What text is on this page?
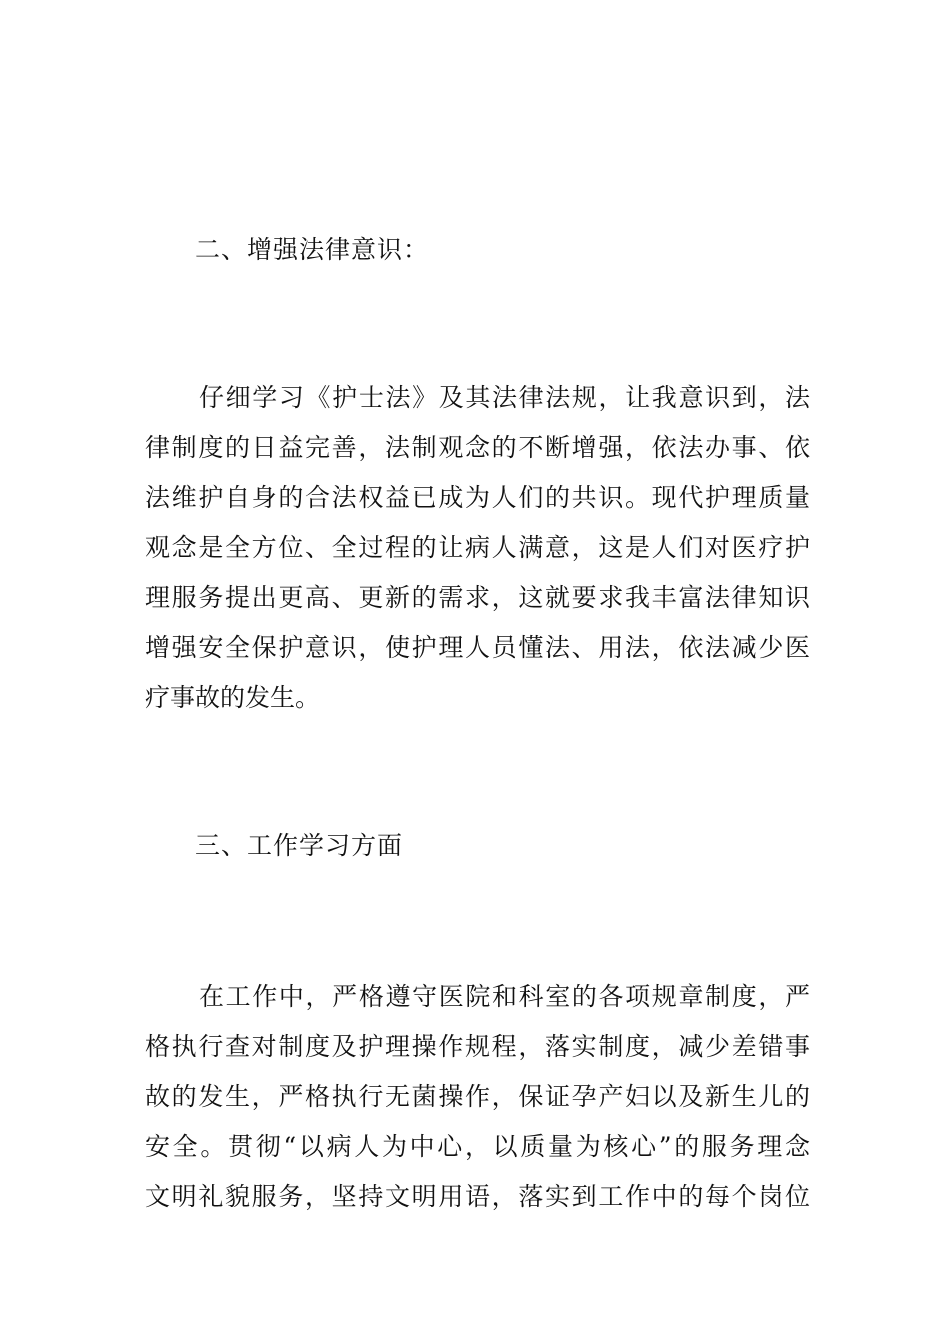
二、增强法律意识：
仔细学习《护士法》及其法律法规，让我意识到，法
律制度的日益完善，法制观念的不断增强，依法办事、依
法维护自身的合法权益已成为人们的共识。现代护理质量
观念是全方位、全过程的让病人满意，这是人们对医疗护
理服务提出更高、更新的需求，这就要求我丰富法律知识
增强安全保护意识，使护理人员懂法、用法，依法减少医
疗事故的发生。
三、工作学习方面
在工作中，严格遵守医院和科室的各项规章制度，严
格执行查对制度及护理操作规程，落实制度，减少差错事
故的发生，严格执行无菌操作，保证孕产妇以及新生儿的
安全。贯彻“以病人为中心，以质量为核心”的服务理念
文明礼貌服务，坚持文明用语，落实到工作中的每个岗位
